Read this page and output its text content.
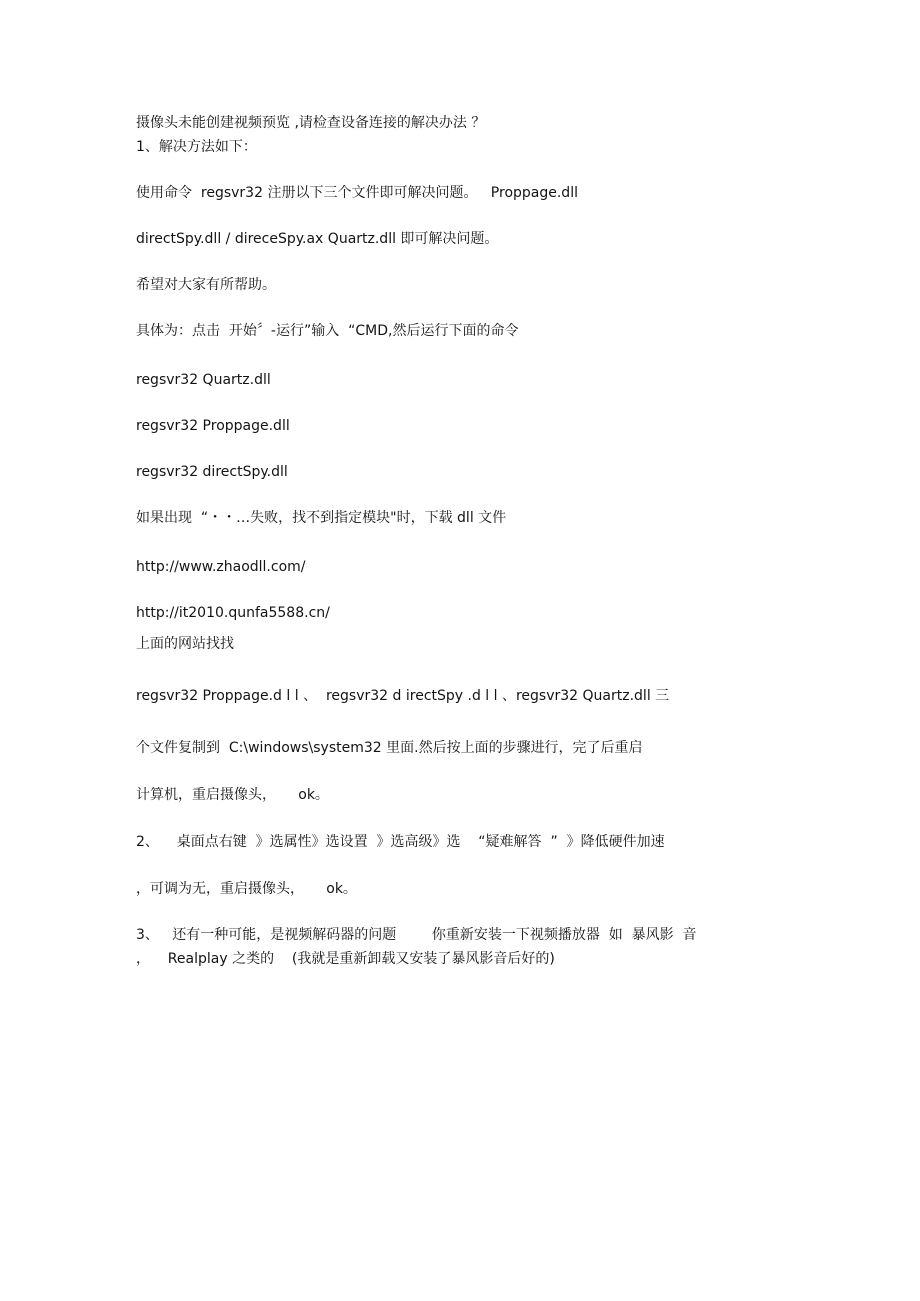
摄像头未能创建视频预览 ,请检查设备连接的解决办法 ？
1、解决方法如下：
使用命令  regsvr32 注册以下三个文件即可解决问题。   Proppage.dll
directSpy.dll / direceSpy.ax Quartz.dll 即可解决问题。
希望对大家有所帮助。
具体为：点击  开始〞-运行”输入  “CMD,然后运行下面的命令
regsvr32 Quartz.dll
regsvr32 Proppage.dll
regsvr32 directSpy.dll
如果出现  “・・…失败，找不到指定模块"时，下载 dll 文件
http://www.zhaodll.com/
http://it2010.qunfa5588.cn/
上面的网站找找
regsvr32 Proppage.d l l 、  regsvr32 d irectSpy .d l l 、regsvr32 Quartz.dll 三
个文件复制到  C:\windows\system32 里面.然后按上面的步骤进行，完了后重启
计算机，重启摄像头，     ok。
2、    桌面点右键  》选属性》选设置  》选高级》选    “疑难解答  ”  》降低硬件加速
，可调为无，重启摄像头，     ok。
3、   还有一种可能，是视频解码器的问题        你重新安装一下视频播放器  如  暴风影  音
，    Realplay 之类的    (我就是重新卸载又安装了暴风影音后好的)
